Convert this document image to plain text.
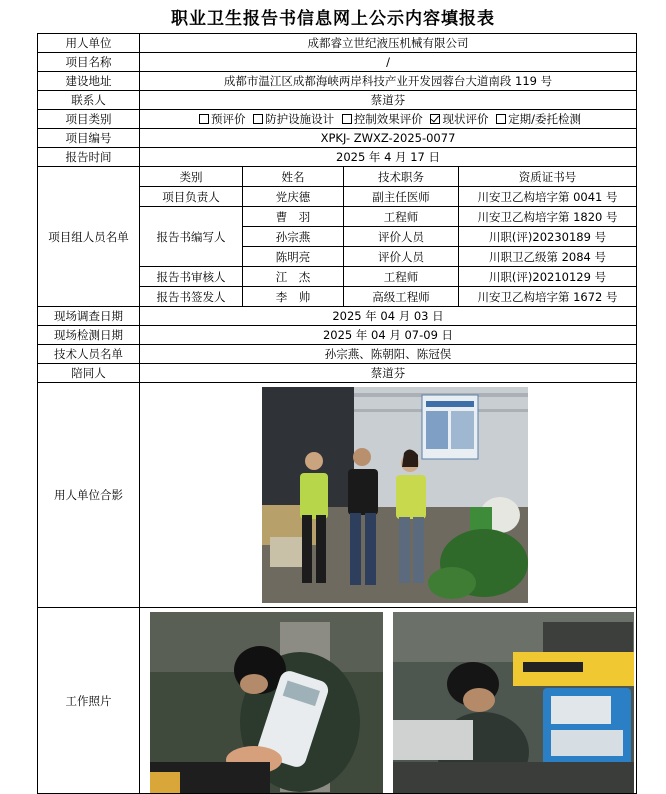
职业卫生报告书信息网上公示内容填报表
用人单位	成都睿立世纪液压机械有限公司			
项目名称	/			
建设地址	成都市温江区成都海峡两岸科技产业开发园蓉台大道南段 119 号			
联系人	蔡道芬			
项目类别	预评价 防护设施设计 控制效果评价 现状评价 定期/委托检测			
项目编号	XPKJ- ZWXZ-2025-0077			
报告时间	2025 年 4 月 17 日			
项目组人员名单	类别	姓名	技术职务	资质证书号
	项目负责人	党庆德	副主任医师	川安卫乙构培字第 0041 号
	报告书编写人	曹　羽	工程师	川安卫乙构培字第 1820 号
		孙宗燕	评价人员	川职(评)20230189 号
		陈明亮	评价人员	川职卫乙级第 2084 号
	报告书审核人	江　杰	工程师	川职(评)20210129 号
	报告书签发人	李　帅	高级工程师	川安卫乙构培字第 1672 号
现场调查日期	2025 年 04 月 03 日			
现场检测日期	2025 年 04 月 07-09 日			
技术人员名单	孙宗燕、陈朝阳、陈冠俣			
陪同人	蔡道芬			
用人单位合影	

工作照片	
